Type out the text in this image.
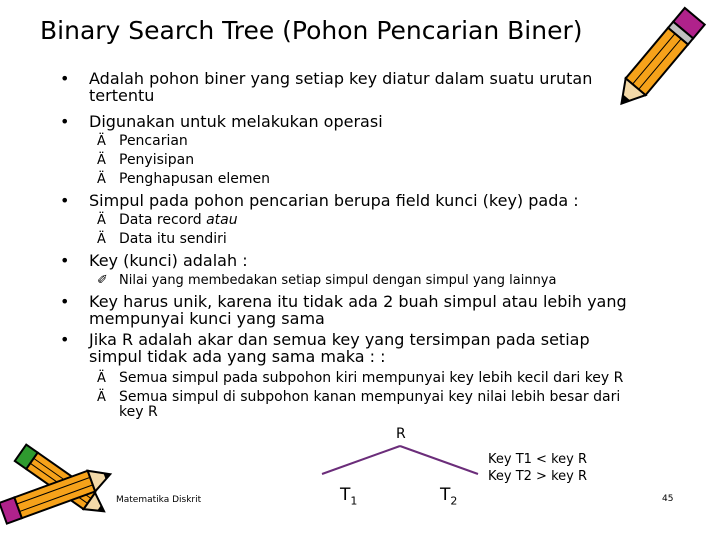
Binary Search Tree (Pohon Pencarian Biner)
• Adalah pohon biner yang setiap key diatur dalam suatu urutan tertentu
• Digunakan untuk melakukan operasi
Ä Pencarian
Ä Penyisipan
Ä Penghapusan elemen
• Simpul pada pohon pencarian berupa field kunci (key) pada :
Ä Data record atau
Ä Data itu sendiri
• Key (kunci) adalah :
✐ Nilai yang membedakan setiap simpul dengan simpul yang lainnya
• Key harus unik, karena itu tidak ada 2 buah simpul atau lebih yang mempunyai kunci yang sama
• Jika R adalah akar dan semua key yang tersimpan pada setiap simpul tidak ada yang sama maka : :
Ä Semua simpul pada subpohon kiri mempunyai key lebih kecil dari key R
Ä Semua simpul di subpohon kanan mempunyai key nilai lebih besar dari key R
R
$T_1$	$T_2$
Key T1 < key R
Key T2 > key R
Matematika Diskrit	45
